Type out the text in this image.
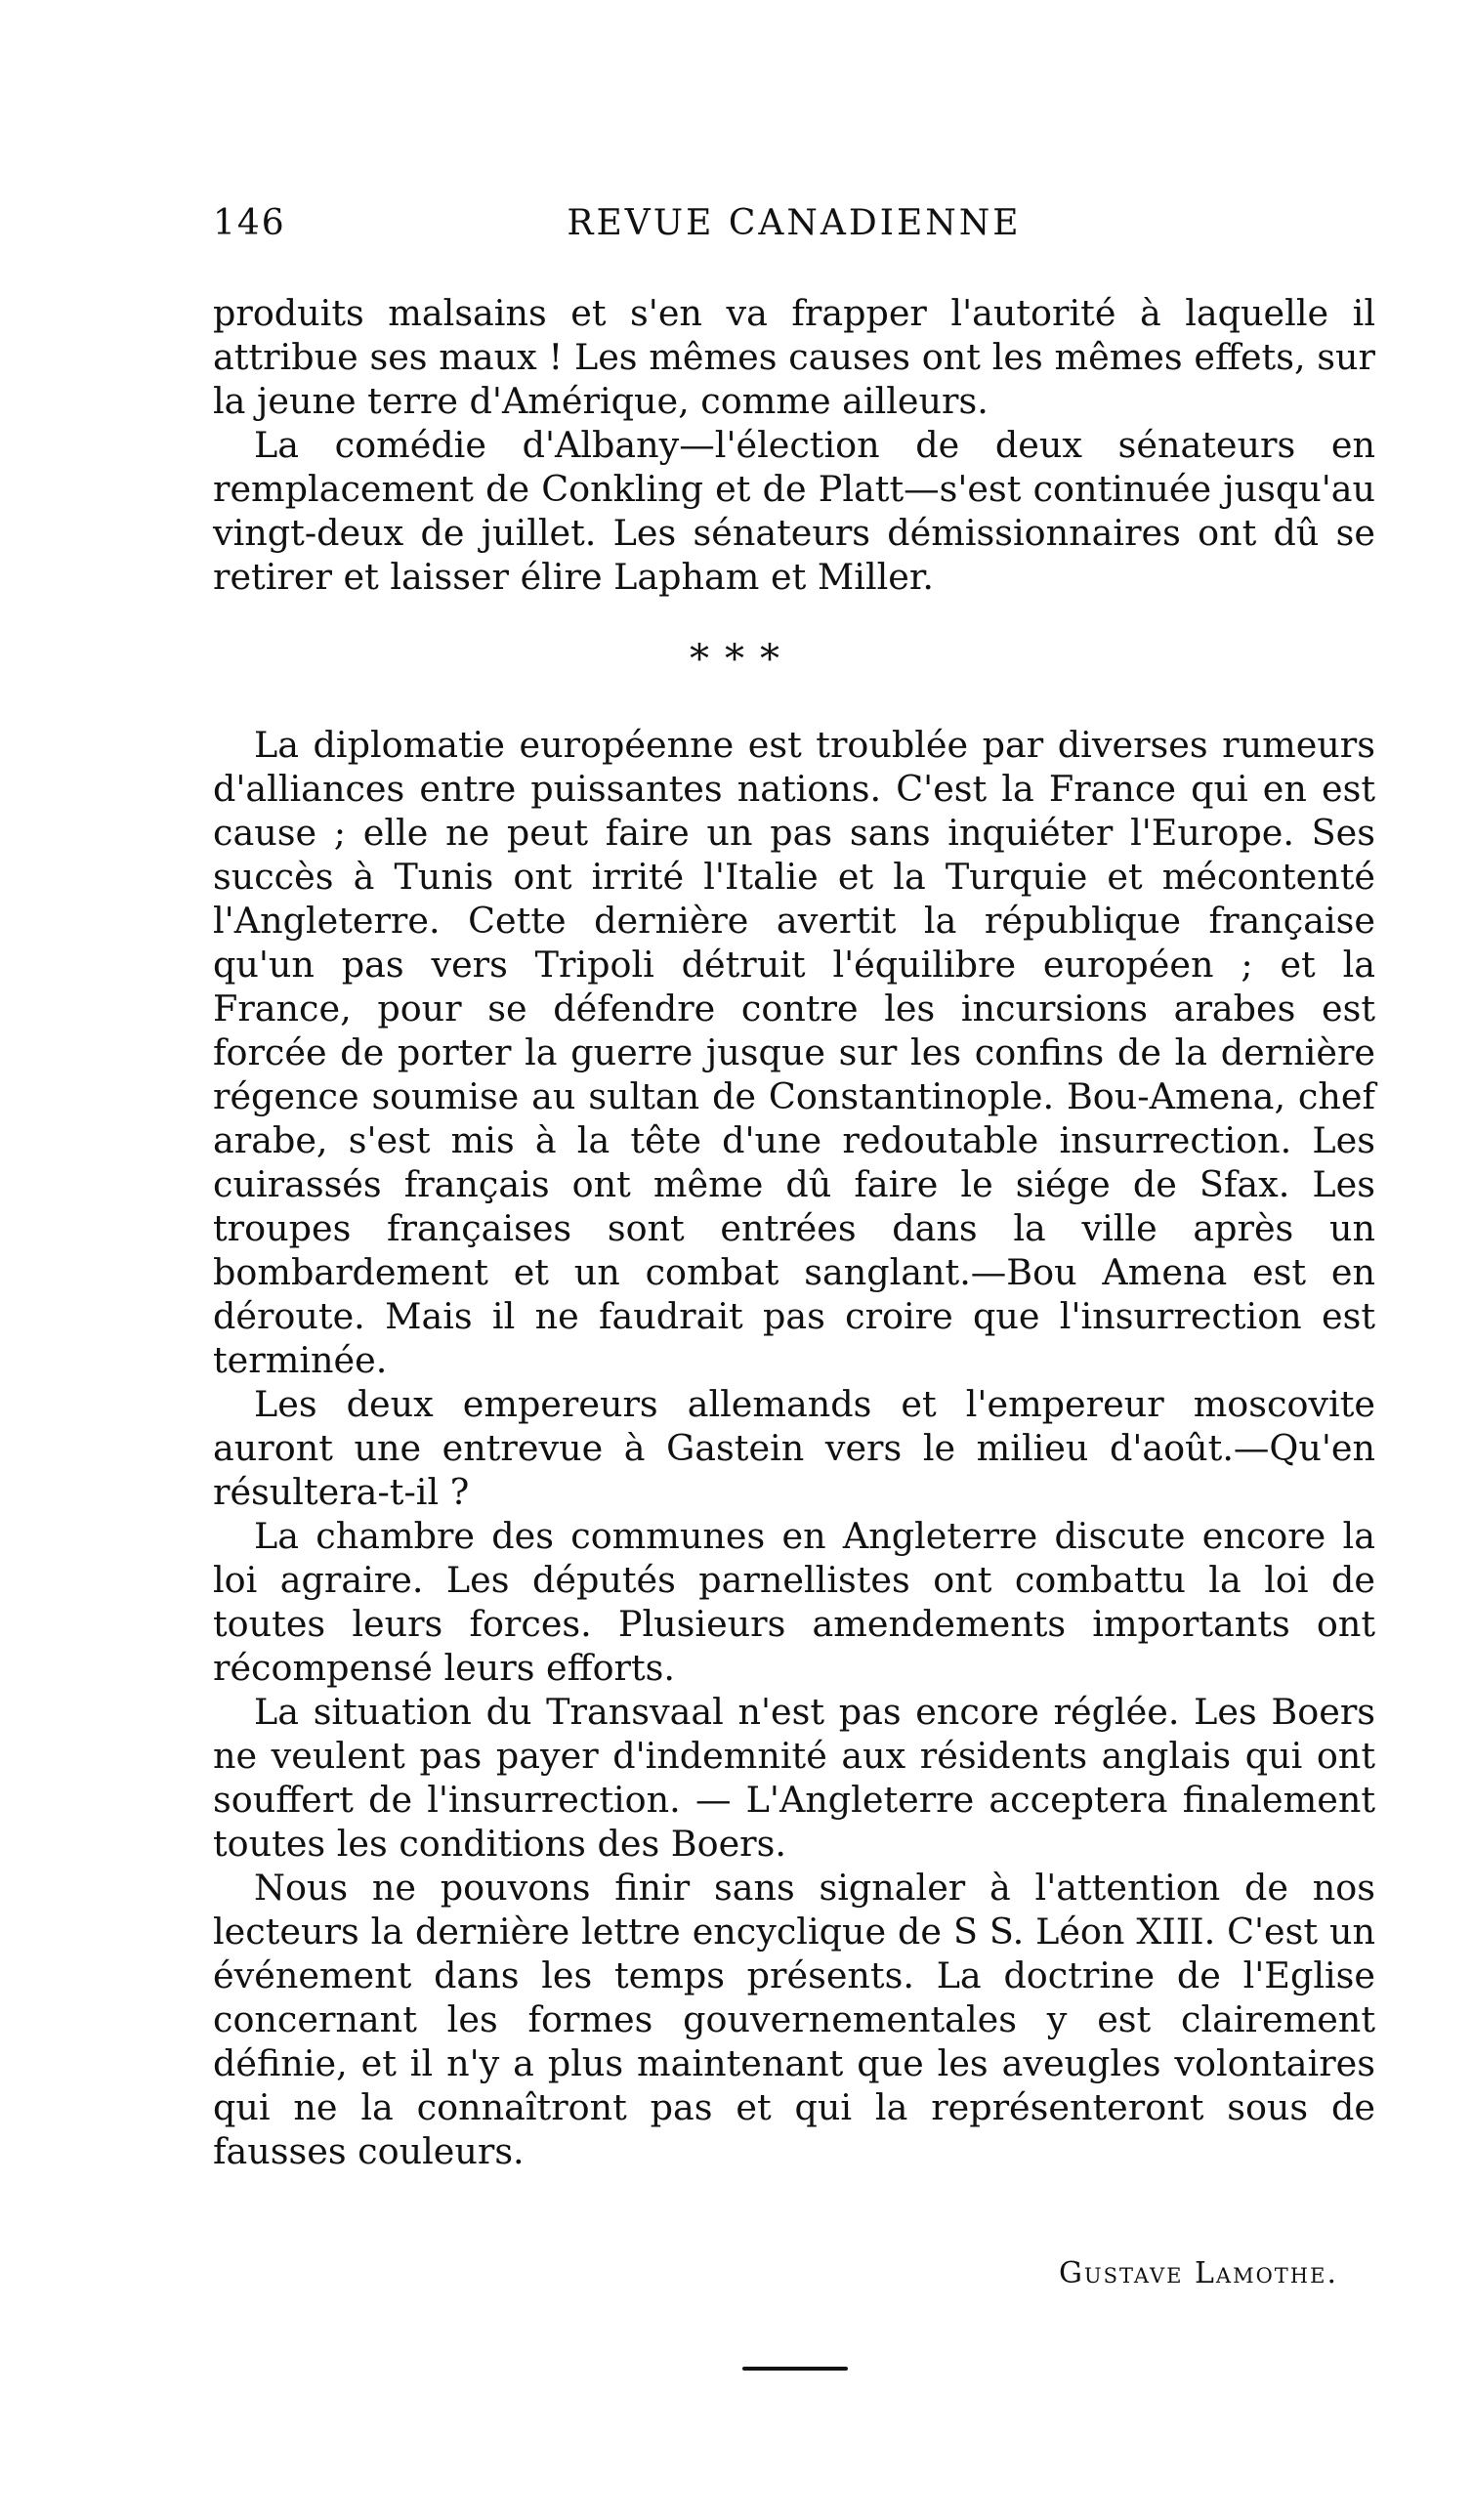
146	REVUE CANADIENNE

produits malsains et s'en va frapper l'autorité à laquelle il attribue ses maux ! Les mêmes causes ont les mêmes effets, sur la jeune terre d'Amérique, comme ailleurs.

La comédie d'Albany—l'élection de deux sénateurs en remplacement de Conkling et de Platt—s'est continuée jusqu'au vingt-deux de juillet. Les sénateurs démissionnaires ont dû se retirer et laisser élire Lapham et Miller.

* * *

La diplomatie européenne est troublée par diverses rumeurs d'alliances entre puissantes nations. C'est la France qui en est cause ; elle ne peut faire un pas sans inquiéter l'Europe. Ses succès à Tunis ont irrité l'Italie et la Turquie et mécontenté l'Angleterre. Cette dernière avertit la république française qu'un pas vers Tripoli détruit l'équilibre européen ; et la France, pour se défendre contre les incursions arabes est forcée de porter la guerre jusque sur les confins de la dernière régence soumise au sultan de Constantinople. Bou-Amena, chef arabe, s'est mis à la tête d'une redoutable insurrection. Les cuirassés français ont même dû faire le siége de Sfax. Les troupes françaises sont entrées dans la ville après un bombardement et un combat sanglant.—Bou Amena est en déroute. Mais il ne faudrait pas croire que l'insurrection est terminée.

Les deux empereurs allemands et l'empereur moscovite auront une entrevue à Gastein vers le milieu d'août.—Qu'en résultera-t-il ?

La chambre des communes en Angleterre discute encore la loi agraire. Les députés parnellistes ont combattu la loi de toutes leurs forces. Plusieurs amendements importants ont récompensé leurs efforts.

La situation du Transvaal n'est pas encore réglée. Les Boers ne veulent pas payer d'indemnité aux résidents anglais qui ont souffert de l'insurrection. — L'Angleterre acceptera finalement toutes les conditions des Boers.

Nous ne pouvons finir sans signaler à l'attention de nos lecteurs la dernière lettre encyclique de S S. Léon XIII. C'est un événement dans les temps présents. La doctrine de l'Eglise concernant les formes gouvernementales y est clairement définie, et il n'y a plus maintenant que les aveugles volontaires qui ne la connaîtront pas et qui la représenteront sous de fausses couleurs.

Gustave Lamothe.
